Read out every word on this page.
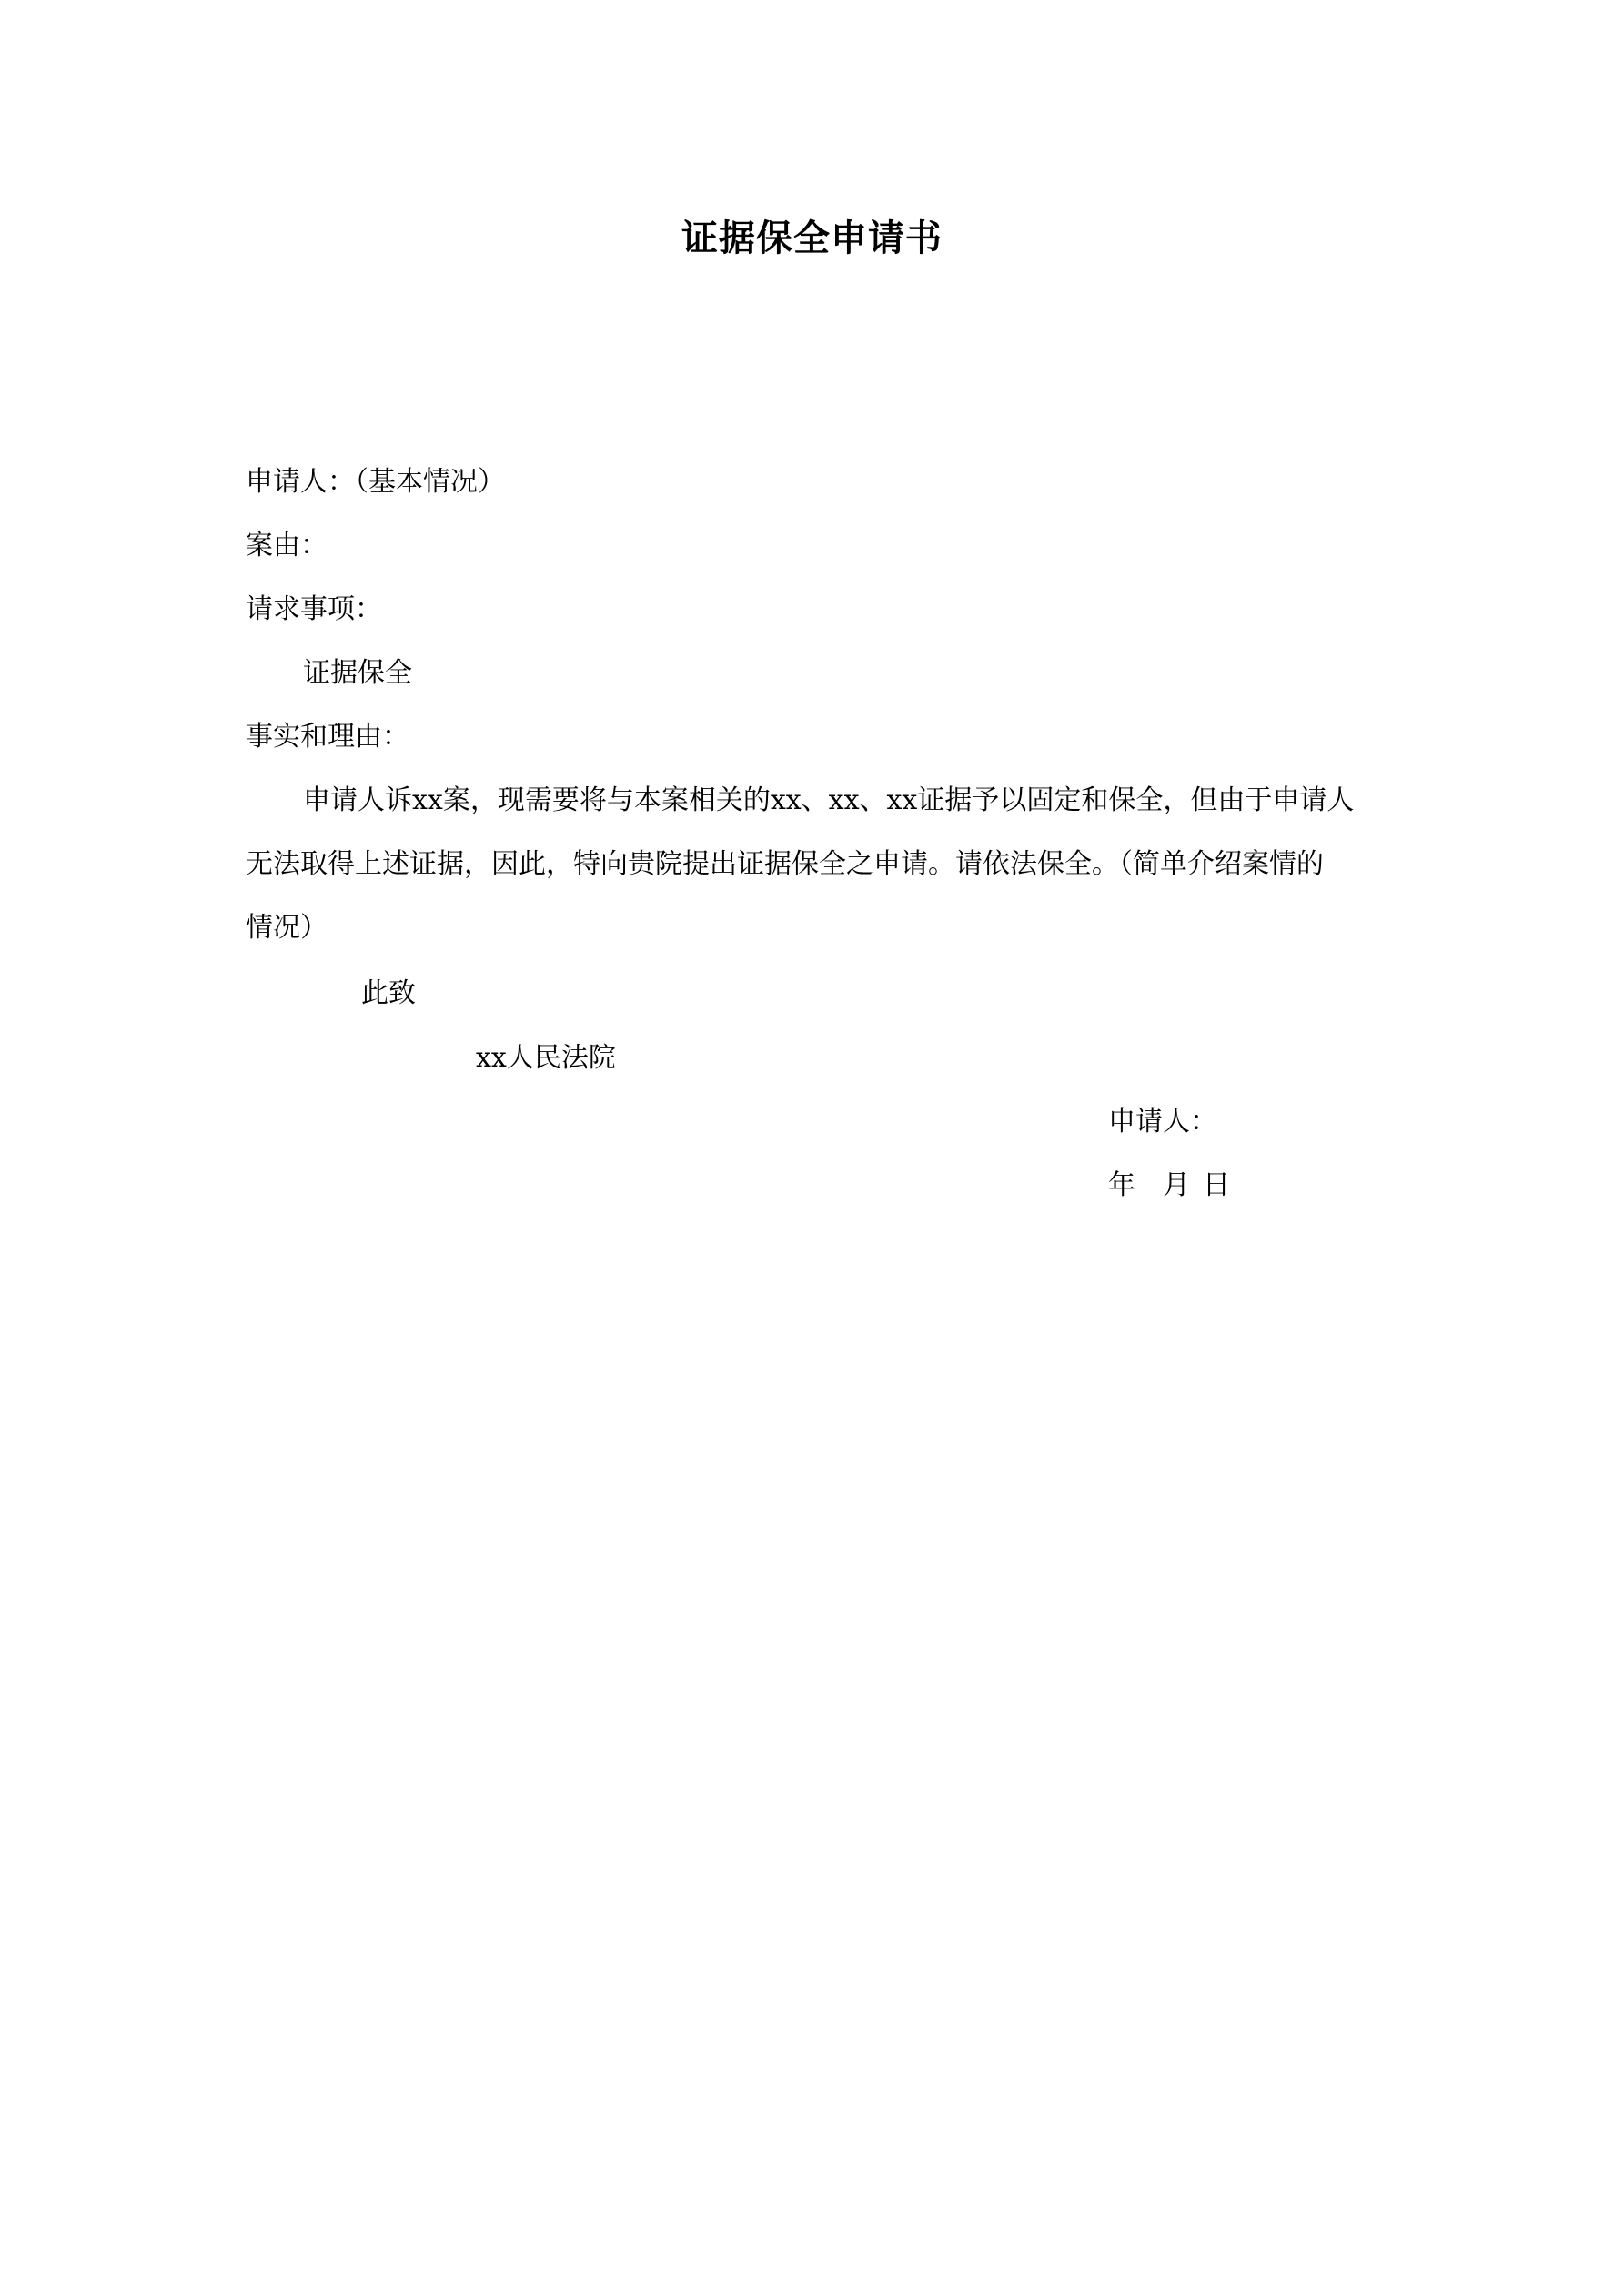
证据保全申请书
申请人：（基本情况）
案由：
请求事项：
证据保全
事实和理由：
申请人诉xx案，现需要将与本案相关的xx、xx、xx证据予以固定和保全，但由于申请人
无法取得上述证据，因此，特向贵院提出证据保全之申请。请依法保全。（简单介绍案情的
情况）
此致
xx人民法院
申请人：
年 月 日
